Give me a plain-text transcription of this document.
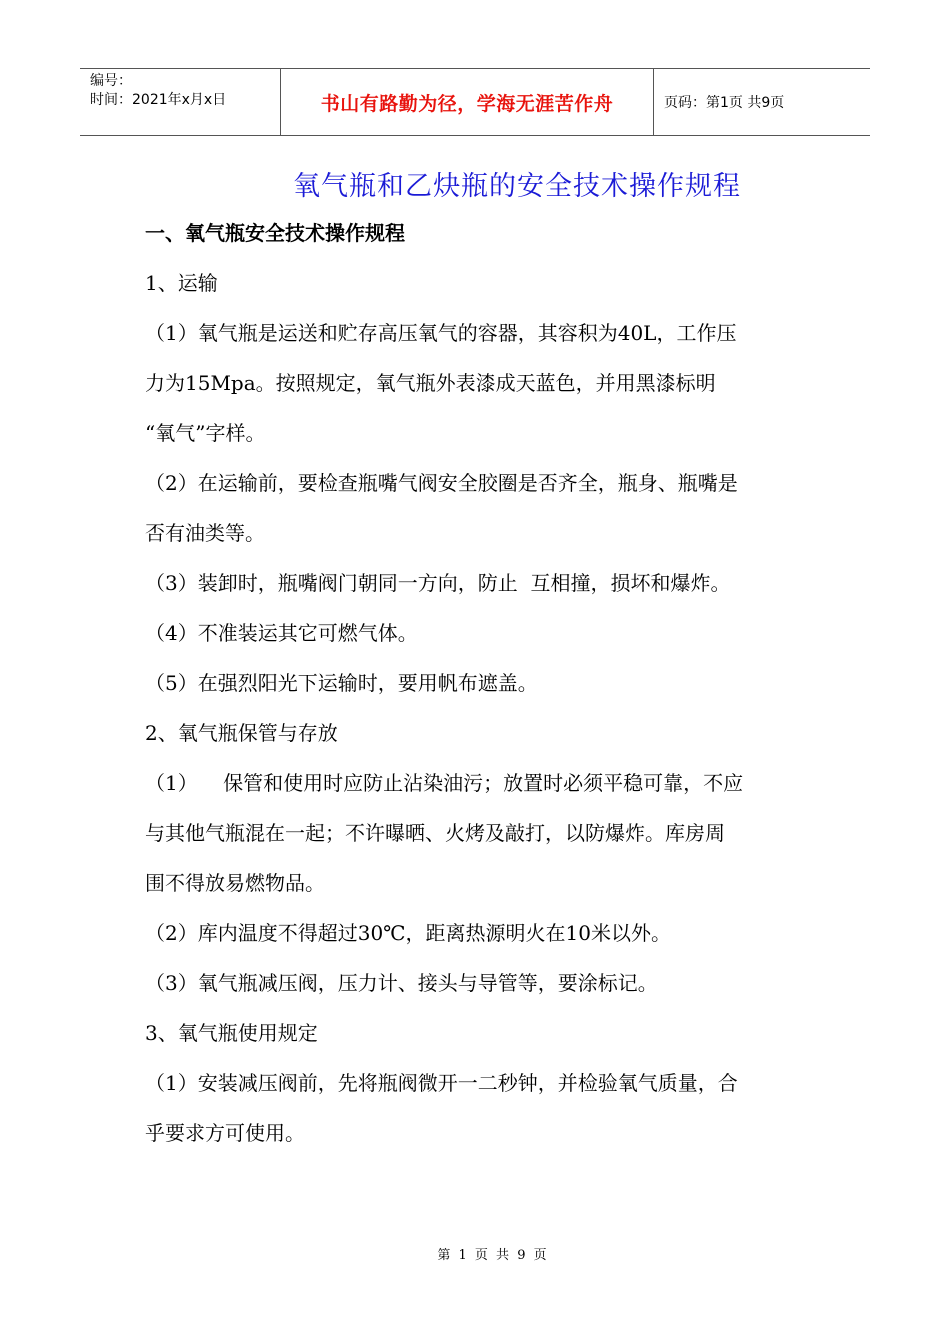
编号：
时间：2021年x月x日	书山有路勤为径，学海无涯苦作舟	页码：第1页 共9页
氧气瓶和乙炔瓶的安全技术操作规程

一、氧气瓶安全技术操作规程

1、运输

（1）氧气瓶是运送和贮存高压氧气的容器，其容积为40L，工作压

力为15Mpa。按照规定，氧气瓶外表漆成天蓝色，并用黑漆标明

“氧气”字样。

（2）在运输前，要检查瓶嘴气阀安全胶圈是否齐全，瓶身、瓶嘴是

否有油类等。

（3）装卸时，瓶嘴阀门朝同一方向，防止  互相撞，损坏和爆炸。

（4）不准装运其它可燃气体。

（5）在强烈阳光下运输时，要用帆布遮盖。

2、氧气瓶保管与存放

（1）    保管和使用时应防止沾染油污；放置时必须平稳可靠，不应

与其他气瓶混在一起；不许曝晒、火烤及敲打，以防爆炸。库房周

围不得放易燃物品。

（2）库内温度不得超过30℃，距离热源明火在10米以外。

（3）氧气瓶减压阀，压力计、接头与导管等，要涂标记。

3、氧气瓶使用规定

（1）安装减压阀前，先将瓶阀微开一二秒钟，并检验氧气质量，合

乎要求方可使用。

第 1 页 共 9 页
